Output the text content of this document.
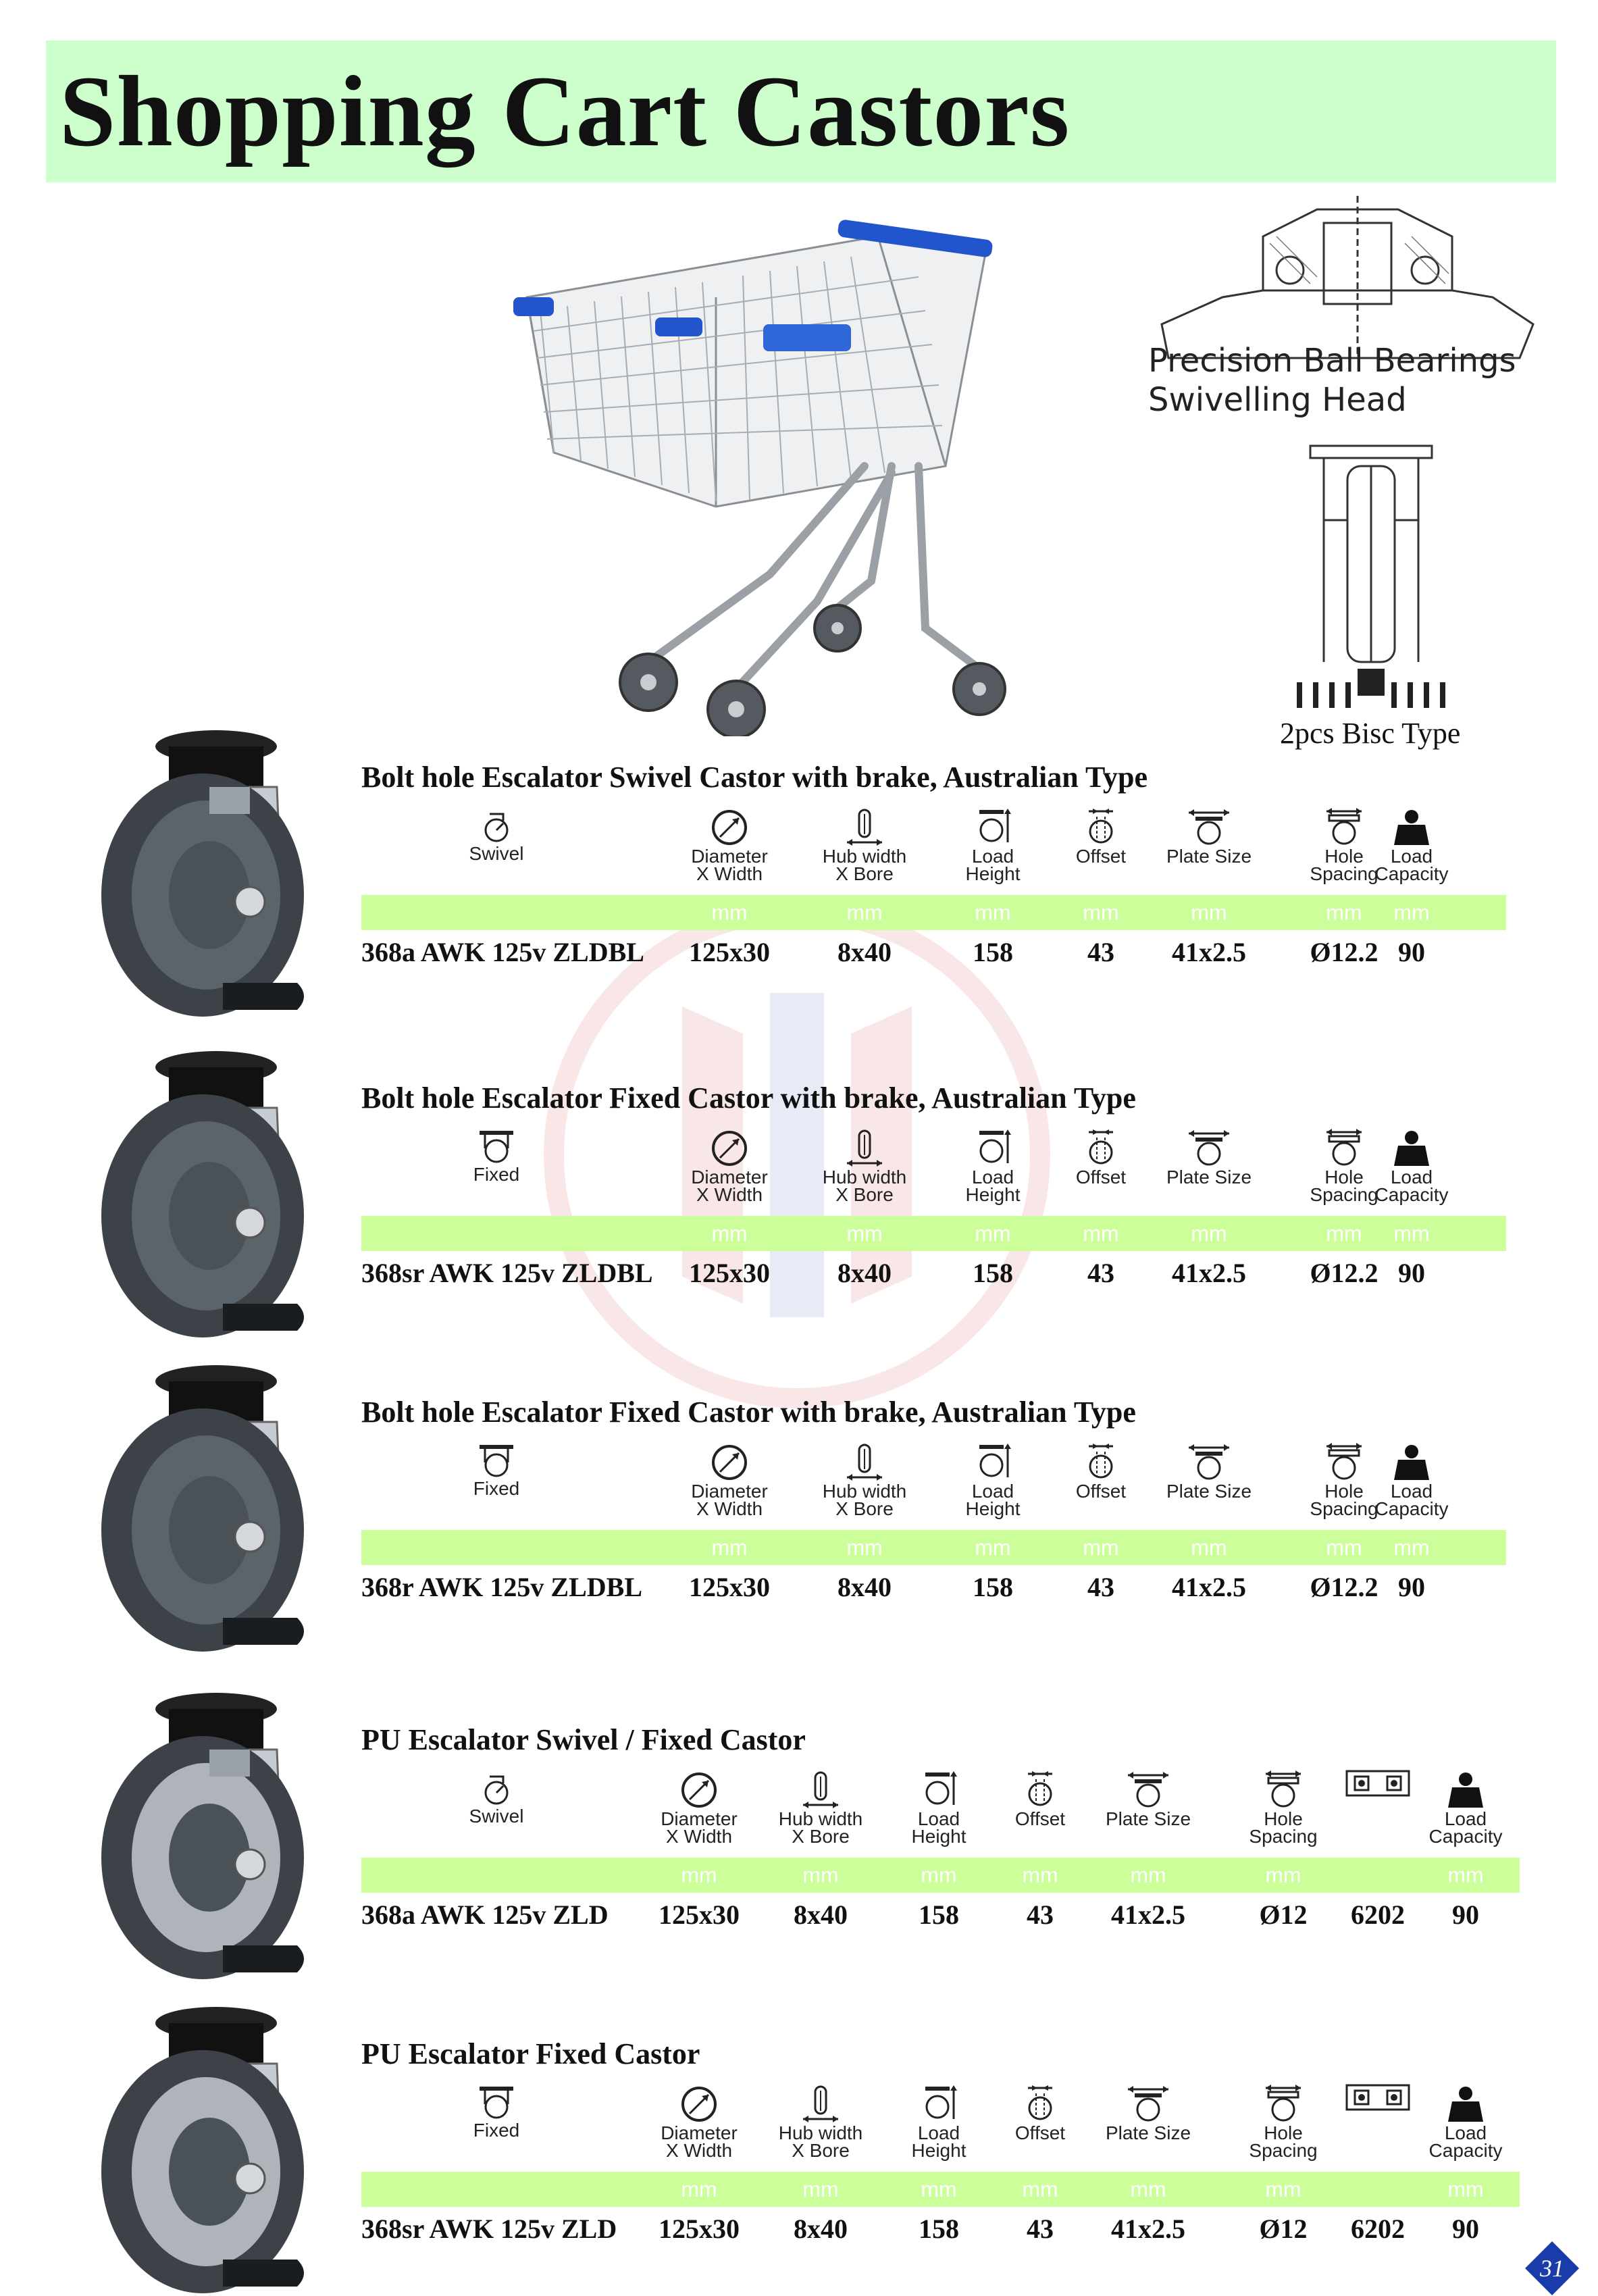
Shopping Cart Castors
Precision Ball Bearings
Swivelling Head
2pcs Bisc Type
Bolt hole Escalator Swivel Castor with brake, Australian Type
Swivel	Diameter
X Width
Hub width
X Bore
Load
Height
Offset	Plate Size	Hole
Spacing
Load
Capacity
mm	mm	mm	mm	mm	mm	mm
368a AWK 125v ZLDBL	125x30	8x40	158	43	41x2.5	Ø12.2 90
Bolt hole Escalator Fixed Castor with brake, Australian Type
Fixed	Diameter
X Width
Hub width
X Bore
Load
Height
Offset	Plate Size	Hole
Spacing
Load
Capacity
mm	mm	mm	mm	mm	mm	mm
368sr AWK 125v ZLDBL	125x30	8x40	158	43	41x2.5	Ø12.2 90
Bolt hole Escalator Fixed Castor with brake, Australian Type
Fixed	Diameter
X Width
Hub width
X Bore
Load
Height
Offset	Plate Size	Hole
Spacing
Load
Capacity
mm	mm	mm	mm	mm	mm	mm
368r AWK 125v ZLDBL	125x30	8x40	158	43	41x2.5	Ø12.2 90
PU Escalator Swivel / Fixed Castor
Swivel	Diameter
X Width
Hub width
X Bore
Load
Height
Offset	Plate Size	Hole
Spacing
Load
Capacity
mm	mm	mm	mm	mm	mm	mm
368a AWK 125v ZLD	125x30	8x40	158	43	41x2.5	Ø12	6202	90
PU Escalator Fixed Castor
Fixed	Diameter
X Width
Hub width
X Bore
Load
Height
Offset	Plate Size	Hole
Spacing
Load
Capacity
mm	mm	mm	mm	mm	mm	mm
368sr AWK 125v ZLD	125x30	8x40	158	43	41x2.5	Ø12	6202	90
31
